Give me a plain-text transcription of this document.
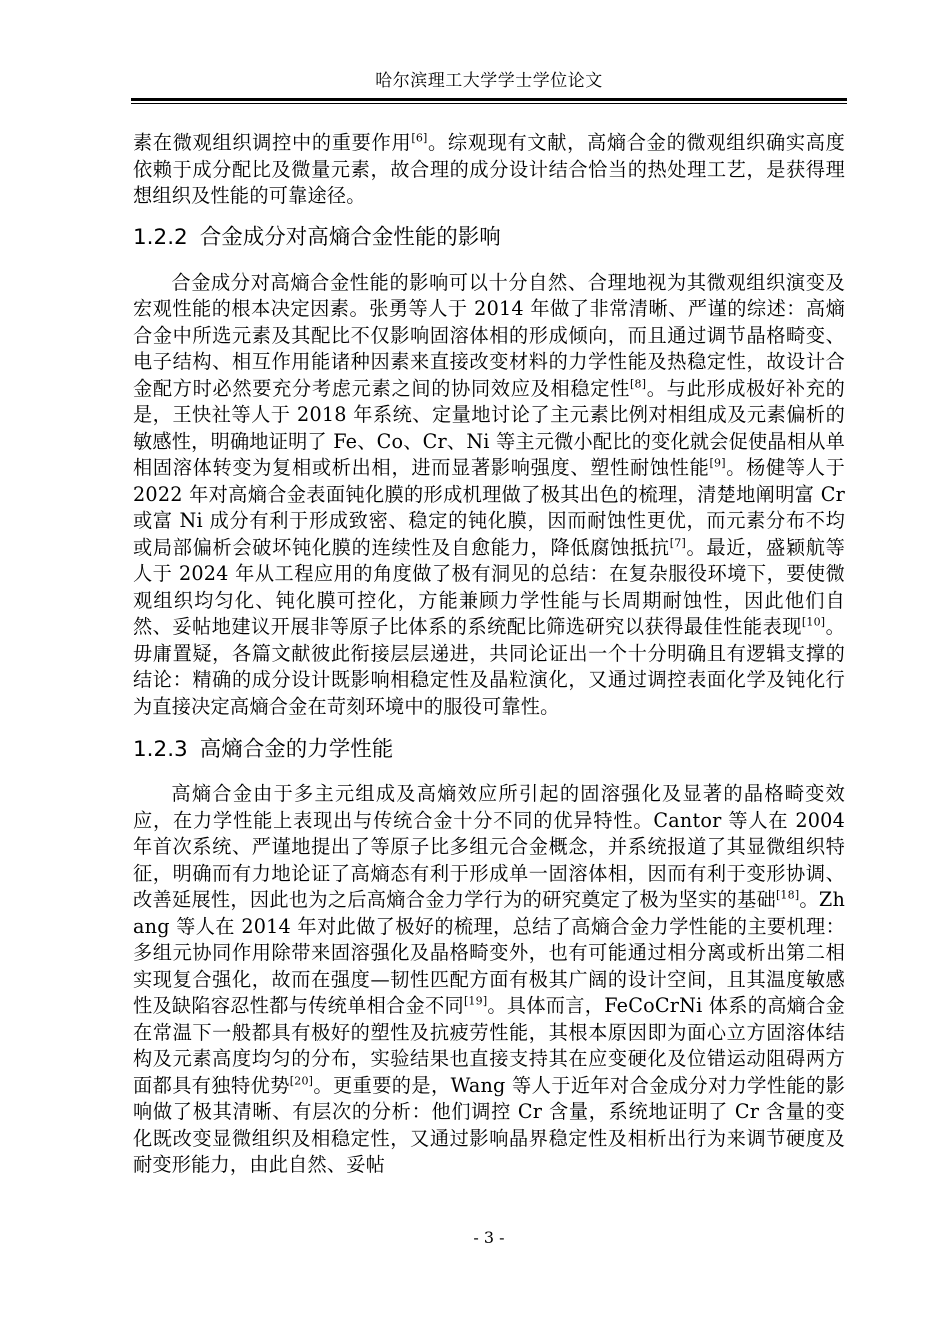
哈尔滨理工大学学士学位论文

素在微观组织调控中的重要作用[6]。综观现有文献，高熵合金的微观组织确实高度依赖于成分配比及微量元素，故合理的成分设计结合恰当的热处理工艺，是获得理想组织及性能的可靠途径。

1.2.2 合金成分对高熵合金性能的影响

合金成分对高熵合金性能的影响可以十分自然、合理地视为其微观组织演变及宏观性能的根本决定因素。张勇等人于 2014 年做了非常清晰、严谨的综述：高熵合金中所选元素及其配比不仅影响固溶体相的形成倾向，而且通过调节晶格畸变、电子结构、相互作用能诸种因素来直接改变材料的力学性能及热稳定性，故设计合金配方时必然要充分考虑元素之间的协同效应及相稳定性[8]。与此形成极好补充的是，王快社等人于 2018 年系统、定量地讨论了主元素比例对相组成及元素偏析的敏感性，明确地证明了 Fe、Co、Cr、Ni 等主元微小配比的变化就会促使晶相从单相固溶体转变为复相或析出相，进而显著影响强度、塑性耐蚀性能[9]。杨健等人于 2022 年对高熵合金表面钝化膜的形成机理做了极其出色的梳理，清楚地阐明富 Cr 或富 Ni 成分有利于形成致密、稳定的钝化膜，因而耐蚀性更优，而元素分布不均或局部偏析会破坏钝化膜的连续性及自愈能力，降低腐蚀抵抗[7]。最近，盛颖航等人于 2024 年从工程应用的角度做了极有洞见的总结：在复杂服役环境下，要使微观组织均匀化、钝化膜可控化，方能兼顾力学性能与长周期耐蚀性，因此他们自然、妥帖地建议开展非等原子比体系的系统配比筛选研究以获得最佳性能表现[10]。毋庸置疑，各篇文献彼此衔接层层递进，共同论证出一个十分明确且有逻辑支撑的结论：精确的成分设计既影响相稳定性及晶粒演化，又通过调控表面化学及钝化行为直接决定高熵合金在苛刻环境中的服役可靠性。

1.2.3 高熵合金的力学性能

高熵合金由于多主元组成及高熵效应所引起的固溶强化及显著的晶格畸变效应，在力学性能上表现出与传统合金十分不同的优异特性。Cantor 等人在 2004 年首次系统、严谨地提出了等原子比多组元合金概念，并系统报道了其显微组织特征，明确而有力地论证了高熵态有利于形成单一固溶体相，因而有利于变形协调、改善延展性，因此也为之后高熵合金力学行为的研究奠定了极为坚实的基础[18]。Zhang 等人在 2014 年对此做了极好的梳理，总结了高熵合金力学性能的主要机理：多组元协同作用除带来固溶强化及晶格畸变外，也有可能通过相分离或析出第二相实现复合强化，故而在强度—韧性匹配方面有极其广阔的设计空间，且其温度敏感性及缺陷容忍性都与传统单相合金不同[19]。具体而言，FeCoCrNi 体系的高熵合金在常温下一般都具有极好的塑性及抗疲劳性能，其根本原因即为面心立方固溶体结构及元素高度均匀的分布，实验结果也直接支持其在应变硬化及位错运动阻碍两方面都具有独特优势[20]。更重要的是，Wang 等人于近年对合金成分对力学性能的影响做了极其清晰、有层次的分析：他们调控 Cr 含量，系统地证明了 Cr 含量的变化既改变显微组织及相稳定性，又通过影响晶界稳定性及相析出行为来调节硬度及耐变形能力，由此自然、妥帖

- 3 -
